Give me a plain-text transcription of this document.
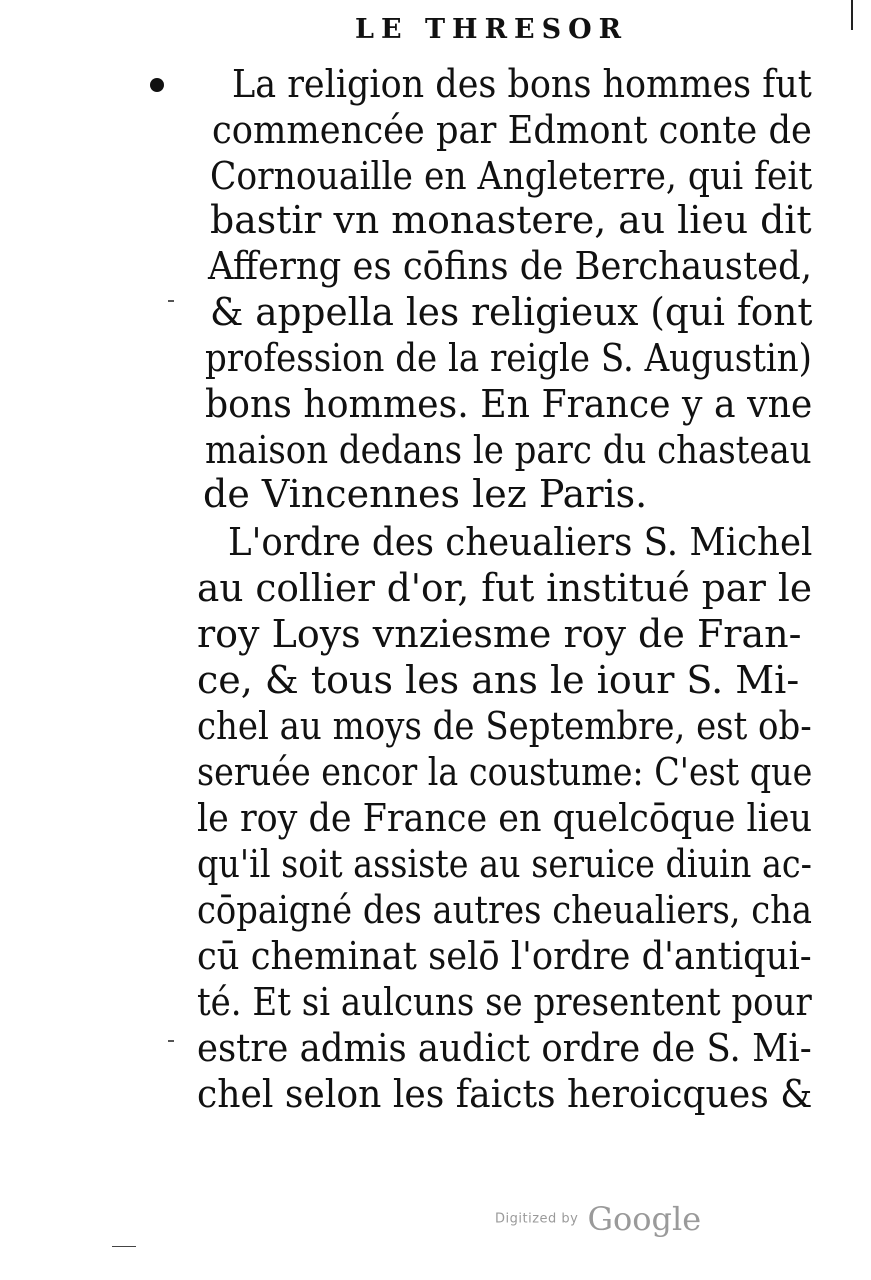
LE THRESOR
La religion des bons hommes fut
commencée par Edmont conte de
Cornouaille en Angleterre, qui feit
bastir vn monastere, au lieu dit
Afferng es cōfins de Berchausted,
& appella les religieux (qui font
profession de la reigle S. Augustin)
bons hommes. En France y a vne
maison dedans le parc du chasteau
de Vincennes lez Paris.
L'ordre des cheualiers S. Michel
au collier d'or, fut institué par le
roy Loys vnziesme roy de Fran-
ce, & tous les ans le iour S. Mi-
chel au moys de Septembre, est ob-
seruée encor la coustume: C'est que
le roy de France en quelcōque lieu
qu'il soit assiste au seruice diuin ac-
cōpaigné des autres cheualiers, cha
cū cheminat selō l'ordre d'antiqui-
té. Et si aulcuns se presentent pour
estre admis audict ordre de S. Mi-
chel selon les faicts heroicques &
Digitized by Google
